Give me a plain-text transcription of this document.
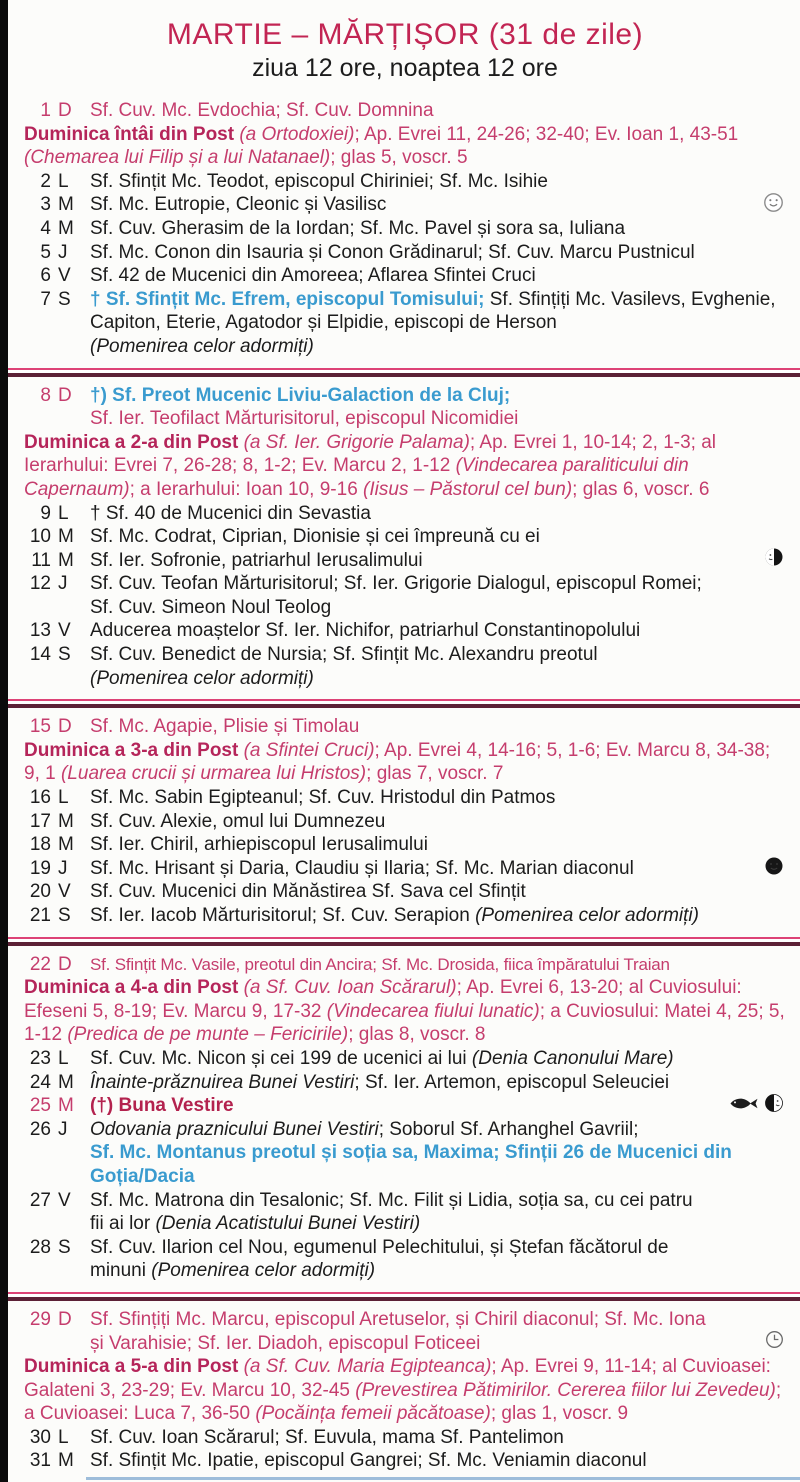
MARTIE – MĂRȚIȘOR (31 de zile)
ziua 12 ore, noaptea 12 ore
1 D Sf. Cuv. Mc. Evdochia; Sf. Cuv. Domnina

Duminica întâi din Post (a Ortodoxiei); Ap. Evrei 11, 24-26; 32-40; Ev. Ioan 1, 43-51 (Chemarea lui Filip și a lui Natanael); glas 5, voscr. 5

2 L	Sf. Sfințit Mc. Teodot, episcopul Chiriniei; Sf. Mc. Isihie
3 M Sf. Mc. Eutropie, Cleonic și Vasilisc
4 M Sf. Cuv. Gherasim de la Iordan; Sf. Mc. Pavel și sora sa, Iuliana
5 J	Sf. Mc. Conon din Isauria și Conon Grădinarul; Sf. Cuv. Marcu Pustnicul
6 V	Sf. 42 de Mucenici din Amoreea; Aflarea Sfintei Cruci
7 S	† Sf. Sfințit Mc. Efrem, episcopul Tomisului; Sf. Sfințiți Mc. Vasilevs, Evghenie, Capiton, Eterie, Agatodor și Elpidie, episcopi de Herson
(Pomenirea celor adormiți)
8 D †) Sf. Preot Mucenic Liviu-Galaction de la Cluj;
Sf. Ier. Teofilact Mărturisitorul, episcopul Nicomidiei

Duminica a 2-a din Post (a Sf. Ier. Grigorie Palama); Ap. Evrei 1, 10-14; 2, 1-3; al Ierarhului: Evrei 7, 26-28; 8, 1-2; Ev. Marcu 2, 1-12 (Vindecarea paraliticului din Capernaum); a Ierarhului: Ioan 10, 9-16 (Iisus – Păstorul cel bun); glas 6, voscr. 6

9 L	† Sf. 40 de Mucenici din Sevastia
10 M Sf. Mc. Codrat, Ciprian, Dionisie și cei împreună cu ei
11 M Sf. Ier. Sofronie, patriarhul Ierusalimului
12 J	Sf. Cuv. Teofan Mărturisitorul; Sf. Ier. Grigorie Dialogul, episcopul Romei;
Sf. Cuv. Simeon Noul Teolog
13 V	Aducerea moaștelor Sf. Ier. Nichifor, patriarhul Constantinopolului
14 S	Sf. Cuv. Benedict de Nursia; Sf. Sfințit Mc. Alexandru preotul
(Pomenirea celor adormiți)
15 D Sf. Mc. Agapie, Plisie și Timolau

Duminica a 3-a din Post (a Sfintei Cruci); Ap. Evrei 4, 14-16; 5, 1-6; Ev. Marcu 8, 34-38; 9, 1 (Luarea crucii și urmarea lui Hristos); glas 7, voscr. 7

16 L	Sf. Mc. Sabin Egipteanul; Sf. Cuv. Hristodul din Patmos
17 M Sf. Cuv. Alexie, omul lui Dumnezeu
18 M Sf. Ier. Chiril, arhiepiscopul Ierusalimului
19 J	Sf. Mc. Hrisant și Daria, Claudiu și Ilaria; Sf. Mc. Marian diaconul
20 V	Sf. Cuv. Mucenici din Mănăstirea Sf. Sava cel Sfințit
21 S	Sf. Ier. Iacob Mărturisitorul; Sf. Cuv. Serapion (Pomenirea celor adormiți)
22 D	Sf. Sfințit Mc. Vasile, preotul din Ancira; Sf. Mc. Drosida, fiica împăratului Traian

Duminica a 4-a din Post (a Sf. Cuv. Ioan Scărarul); Ap. Evrei 6, 13-20; al Cuviosului: Efeseni 5, 8-19; Ev. Marcu 9, 17-32 (Vindecarea fiului lunatic); a Cuviosului: Matei 4, 25; 5, 1-12 (Predica de pe munte – Fericirile); glas 8, voscr. 8

23 L	Sf. Cuv. Mc. Nicon și cei 199 de ucenici ai lui (Denia Canonului Mare)
24 M Înainte-prăznuirea Bunei Vestiri; Sf. Ier. Artemon, episcopul Seleuciei
25 M (†) Buna Vestire
26 J	Odovania praznicului Bunei Vestiri; Soborul Sf. Arhanghel Gavriil;
Sf. Mc. Montanus preotul și soția sa, Maxima; Sfinții 26 de Mucenici din Goția/Dacia
27 V	Sf. Mc. Matrona din Tesalonic; Sf. Mc. Filit și Lidia, soția sa, cu cei patru
fii ai lor (Denia Acatistului Bunei Vestiri)
28 S	Sf. Cuv. Ilarion cel Nou, egumenul Pelechitului, și Ștefan făcătorul de
minuni (Pomenirea celor adormiți)
29 D Sf. Sfințiți Mc. Marcu, episcopul Aretuselor, și Chiril diaconul; Sf. Mc. Iona
și Varahisie; Sf. Ier. Diadoh, episcopul Foticeei

Duminica a 5-a din Post (a Sf. Cuv. Maria Egipteanca); Ap. Evrei 9, 11-14; al Cuvioasei: Galateni 3, 23-29; Ev. Marcu 10, 32-45 (Prevestirea Pătimirilor. Cererea fiilor lui Zevedeu); a Cuvioasei: Luca 7, 36-50 (Pocăința femeii păcătoase); glas 1, voscr. 9

30 L	Sf. Cuv. Ioan Scărarul; Sf. Euvula, mama Sf. Pantelimon
31 M Sf. Sfințit Mc. Ipatie, episcopul Gangrei; Sf. Mc. Veniamin diaconul
